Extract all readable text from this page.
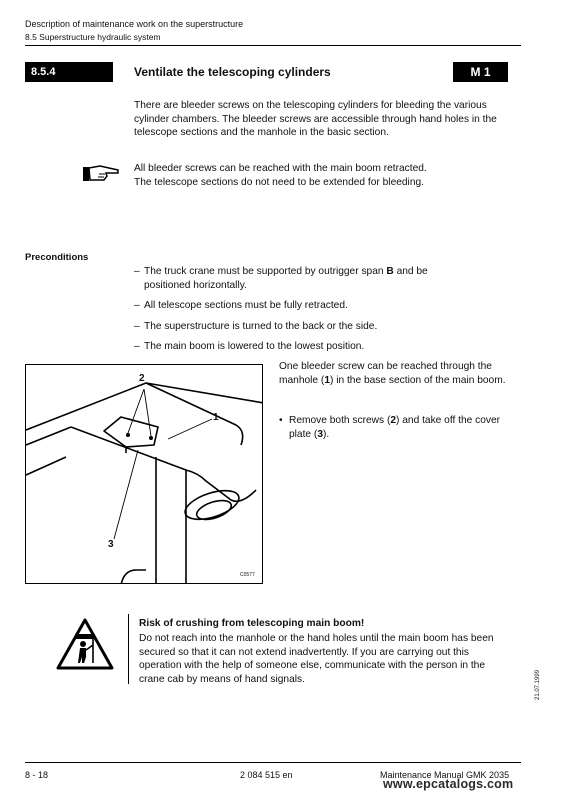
Description of maintenance work on the superstructure
8.5 Superstructure hydraulic system
8.5.4	Ventilate the telescoping cylinders	M 1
There are bleeder screws on the telescoping cylinders for bleeding the various cylinder chambers. The bleeder screws are accessible through hand holes in the telescope sections and the manhole in the basic section.
All bleeder screws can be reached with the main boom retracted.
The telescope sections do not need to be extended for bleeding.
Preconditions
– The truck crane must be supported by outrigger span B and be positioned horizontally.
– All telescope sections must be fully retracted.
– The superstructure is turned to the back or the side.
– The main boom is lowered to the lowest position.
2
1
3
C0577
One bleeder screw can be reached through the manhole (1) in the base section of the main boom.
• Remove both screws (2) and take off the cover plate (3).
Risk of crushing from telescoping main boom!
Do not reach into the manhole or the hand holes until the main boom has been secured so that it can not extend inadvertently. If you are carrying out this operation with the help of someone else, communicate with the person in the crane cab by means of hand signals.	21.07.1999
8 - 18	2 084 515 en	Maintenance Manual GMK 2035
www.epcatalogs.com
